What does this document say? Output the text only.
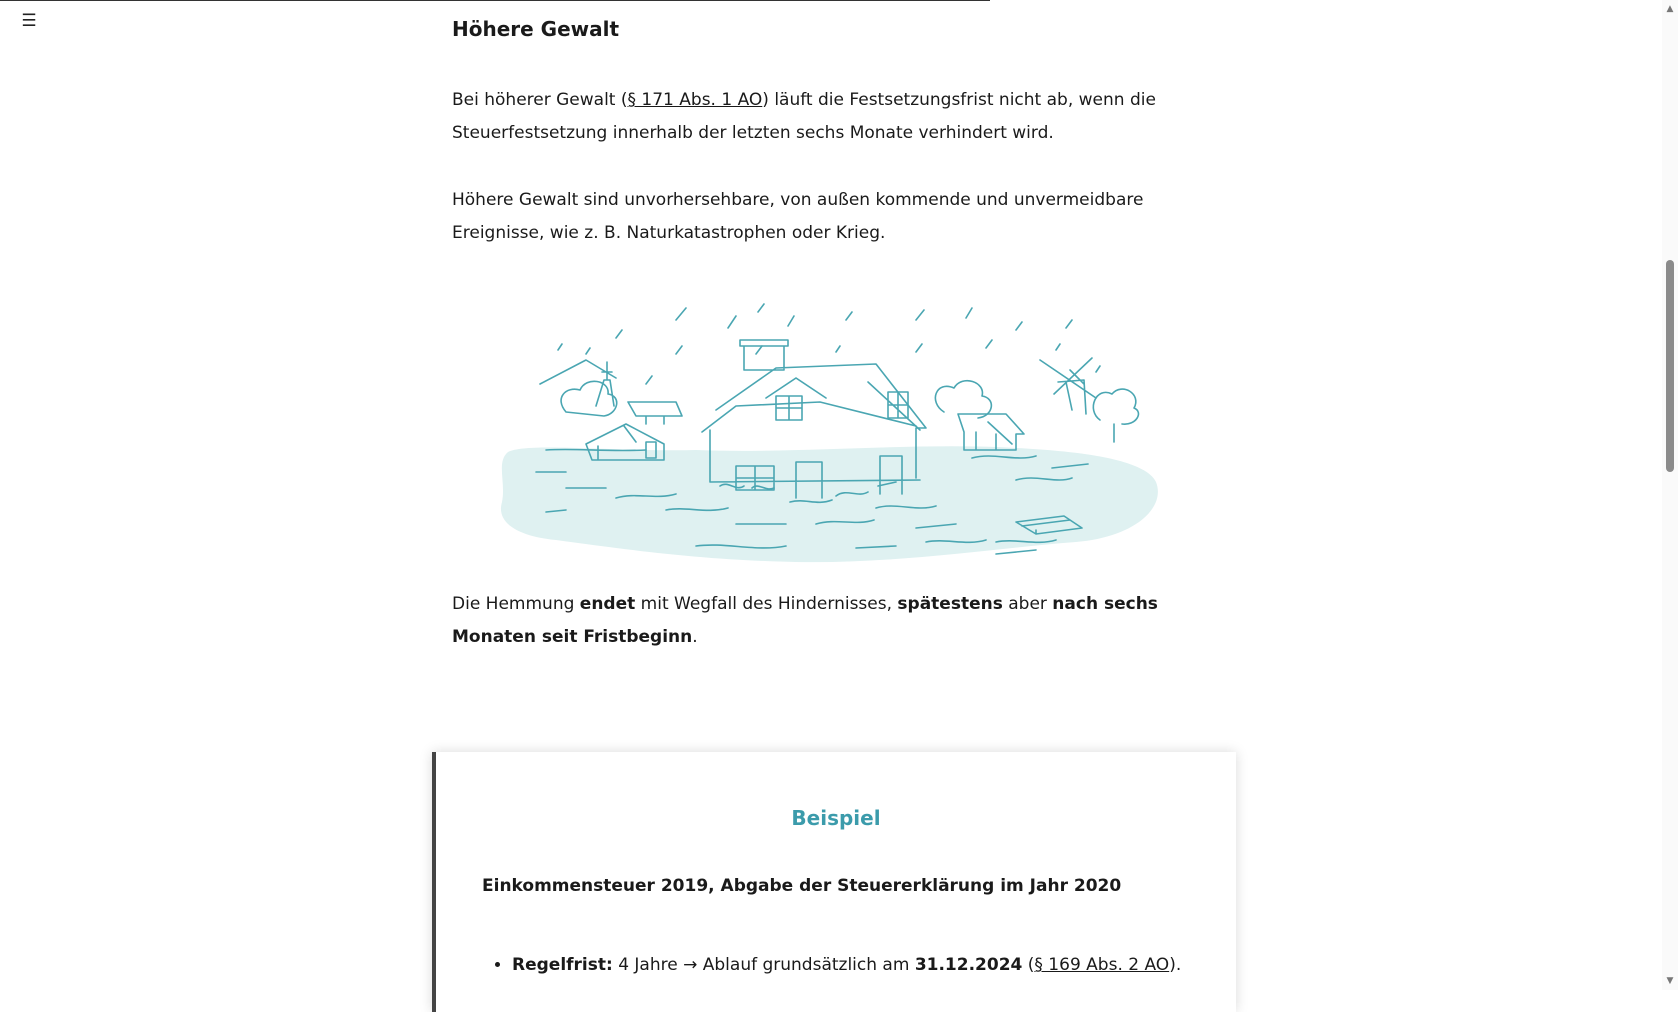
☰	Höhere Gewalt

Bei höherer Gewalt (§ 171 Abs. 1 AO) läuft die Festsetzungsfrist nicht ab, wenn die Steuerfestsetzung innerhalb der letzten sechs Monate verhindert wird.

Höhere Gewalt sind unvorhersehbare, von außen kommende und unvermeidbare Ereignisse, wie z. B. Naturkatastrophen oder Krieg.

Die Hemmung endet mit Wegfall des Hindernisses, spätestens aber nach sechs Monaten seit Fristbeginn.

Beispiel
Einkommensteuer 2019, Abgabe der Steuererklärung im Jahr 2020
• Regelfrist: 4 Jahre → Ablauf grundsätzlich am 31.12.2024 (§ 169 Abs. 2 AO).
▲
▼
